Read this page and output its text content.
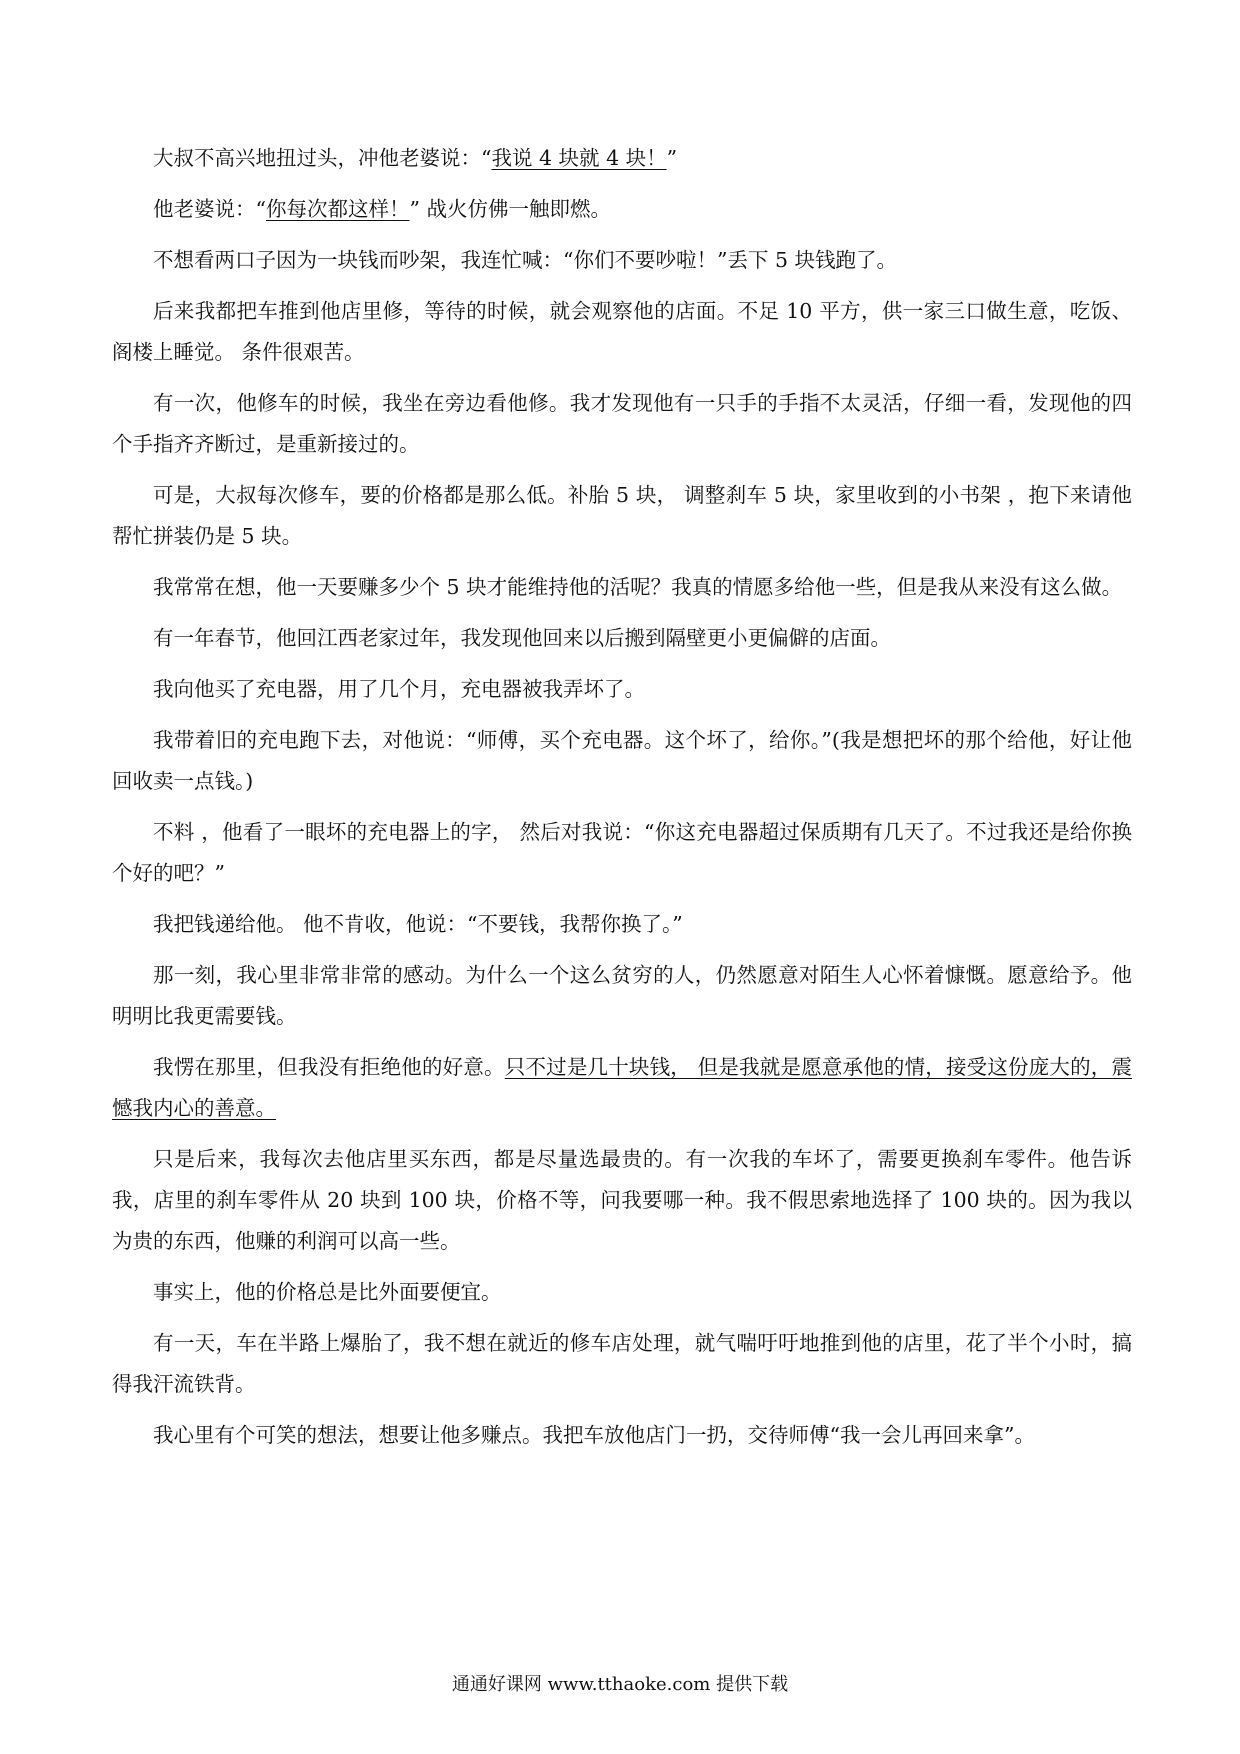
大叔不高兴地扭过头，冲他老婆说：“我说 4 块就 4 块！”

他老婆说：“你每次都这样！” 战火仿佛一触即燃。

不想看两口子因为一块钱而吵架，我连忙喊：“你们不要吵啦！”丢下 5 块钱跑了。

后来我都把车推到他店里修，等待的时候，就会观察他的店面。不足 10 平方，供一家三口做生意，吃饭、阁楼上睡觉。 条件很艰苦。

有一次，他修车的时候，我坐在旁边看他修。我才发现他有一只手的手指不太灵活，仔细一看，发现他的四个手指齐齐断过，是重新接过的。

可是，大叔每次修车，要的价格都是那么低。补胎 5 块， 调整刹车 5 块，家里收到的小书架 ，抱下来请他帮忙拼装仍是 5 块。

我常常在想，他一天要赚多少个 5 块才能维持他的活呢？我真的情愿多给他一些，但是我从来没有这么做。

有一年春节，他回江西老家过年，我发现他回来以后搬到隔壁更小更偏僻的店面。

我向他买了充电器，用了几个月，充电器被我弄坏了。

我带着旧的充电跑下去，对他说：“师傅，买个充电器。这个坏了，给你。”(我是想把坏的那个给他，好让他回收卖一点钱。)

不料 ，他看了一眼坏的充电器上的字， 然后对我说：“你这充电器超过保质期有几天了。不过我还是给你换个好的吧？”

我把钱递给他。 他不肯收，他说：“不要钱，我帮你换了。”

那一刻，我心里非常非常的感动。为什么一个这么贫穷的人，仍然愿意对陌生人心怀着慷慨。愿意给予。他明明比我更需要钱。

我愣在那里，但我没有拒绝他的好意。只不过是几十块钱， 但是我就是愿意承他的情，接受这份庞大的，震憾我内心的善意。

只是后来，我每次去他店里买东西，都是尽量选最贵的。有一次我的车坏了，需要更换刹车零件。他告诉我，店里的刹车零件从 20 块到 100 块，价格不等，问我要哪一种。我不假思索地选择了 100 块的。因为我以为贵的东西，他赚的利润可以高一些。

事实上，他的价格总是比外面要便宜。

有一天，车在半路上爆胎了，我不想在就近的修车店处理，就气喘吁吁地推到他的店里，花了半个小时，搞得我汗流铁背。

我心里有个可笑的想法，想要让他多赚点。我把车放他店门一扔，交待师傅“我一会儿再回来拿”。

通通好课网 www.tthaoke.com 提供下载
